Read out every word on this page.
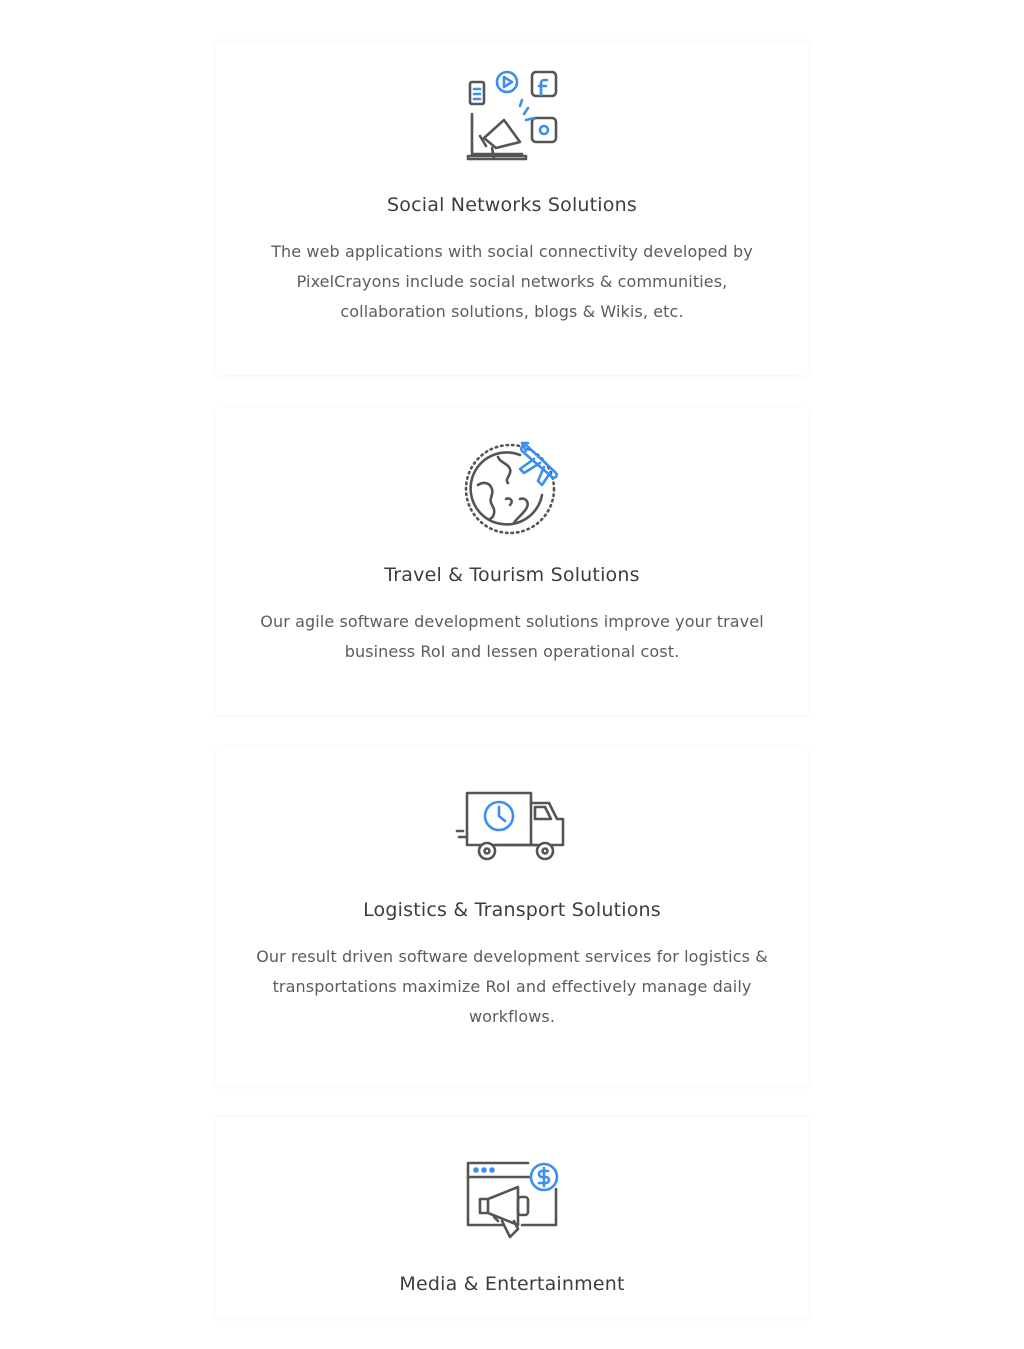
Social Networks Solutions

The web applications with social connectivity developed by PixelCrayons include social networks & communities, collaboration solutions, blogs & Wikis, etc.

Travel & Tourism Solutions

Our agile software development solutions improve your travel business RoI and lessen operational cost.

Logistics & Transport Solutions

Our result driven software development services for logistics & transportations maximize RoI and effectively manage daily workflows.

Media & Entertainment
